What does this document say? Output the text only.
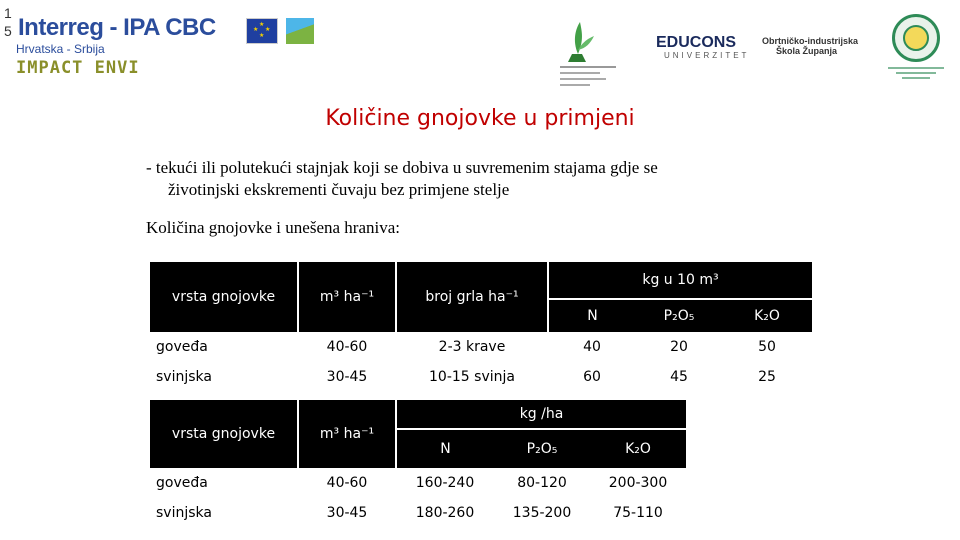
1
5 Interreg - IPA CBC
Hrvatska - Srbija
IMPACT ENVI
★
★ ★
★	EDUCONS
UNIVERZITET
Obrtničko-industrijska
Škola Županja
Količine gnojovke u primjeni
- tekući ili polutekući stajnjak koji se dobiva u suvremenim stajama gdje se
životinjski ekskrementi čuvaju bez primjene stelje
Količina gnojovke i unešena hraniva:
vrsta gnojovke	m³ ha⁻¹	broj grla ha⁻¹	kg u 10 m³		
			N	P₂O₅	K₂O
goveđa	40-60	2-3 krave	40	20	50
svinjska	30-45	10-15 svinja	60	45	25
vrsta gnojovke	m³ ha⁻¹	kg /ha		
		N	P₂O₅	K₂O
goveđa	40-60	160-240	80-120	200-300
svinjska	30-45	180-260	135-200	75-110
